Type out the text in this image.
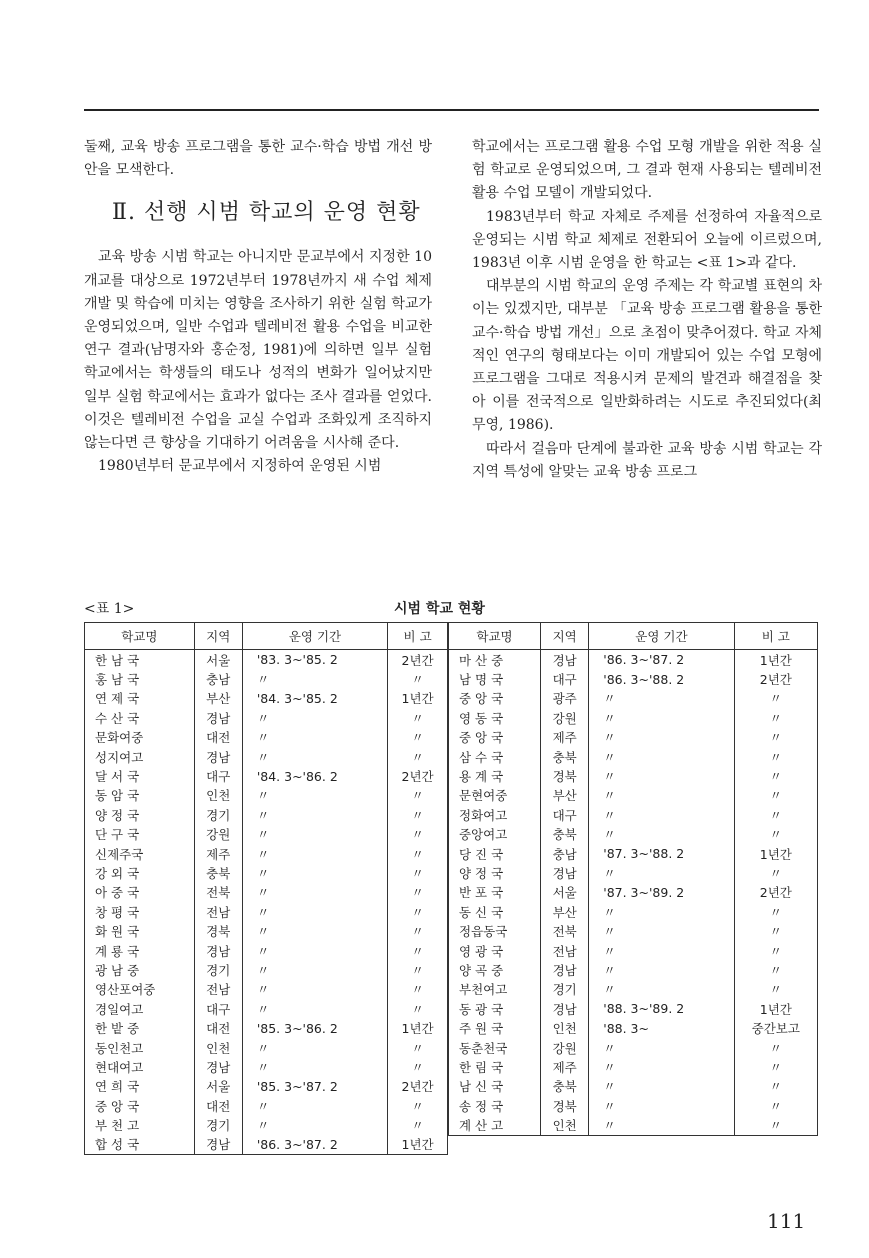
둘째, 교육 방송 프로그램을 통한 교수·학습 방법 개선 방안을 모색한다.

Ⅱ. 선행 시범 학교의 운영 현황

교육 방송 시범 학교는 아니지만 문교부에서 지정한 10개교를 대상으로 1972년부터 1978년까지 새 수업 체제 개발 및 학습에 미치는 영향을 조사하기 위한 실험 학교가 운영되었으며, 일반 수업과 텔레비전 활용 수업을 비교한 연구 결과(남명자와 홍순정, 1981)에 의하면 일부 실험 학교에서는 학생들의 태도나 성적의 변화가 일어났지만 일부 실험 학교에서는 효과가 없다는 조사 결과를 얻었다. 이것은 텔레비전 수업을 교실 수업과 조화있게 조직하지 않는다면 큰 향상을 기대하기 어려움을 시사해 준다.

1980년부터 문교부에서 지정하여 운영된 시범

학교에서는 프로그램 활용 수업 모형 개발을 위한 적용 실험 학교로 운영되었으며, 그 결과 현재 사용되는 텔레비전 활용 수업 모델이 개발되었다.

1983년부터 학교 자체로 주제를 선정하여 자율적으로 운영되는 시범 학교 체제로 전환되어 오늘에 이르렀으며, 1983년 이후 시범 운영을 한 학교는 <표 1>과 같다.

대부분의 시범 학교의 운영 주제는 각 학교별 표현의 차이는 있겠지만, 대부분 「교육 방송 프로그램 활용을 통한 교수·학습 방법 개선」으로 초점이 맞추어졌다. 학교 자체적인 연구의 형태보다는 이미 개발되어 있는 수업 모형에 프로그램을 그대로 적용시켜 문제의 발견과 해결점을 찾아 이를 전국적으로 일반화하려는 시도로 추진되었다(최무영, 1986).

따라서 걸음마 단계에 불과한 교육 방송 시범 학교는 각 지역 특성에 알맞는 교육 방송 프로그

<표 1>	시범 학교 현황
학교명	지역	운영 기간	비 고
한 남 국	서울	'83. 3~'85. 2	2년간
홍 남 국	충남	〃	〃
연 제 국	부산	'84. 3~'85. 2	1년간
수 산 국	경남	〃	〃
문화여중	대전	〃	〃
성지여고	경남	〃	〃
달 서 국	대구	'84. 3~'86. 2	2년간
동 암 국	인천	〃	〃
양 정 국	경기	〃	〃
단 구 국	강원	〃	〃
신제주국	제주	〃	〃
강 외 국	충북	〃	〃
아 중 국	전북	〃	〃
창 평 국	전남	〃	〃
화 원 국	경북	〃	〃
계 룡 국	경남	〃	〃
광 남 중	경기	〃	〃
영산포여중	전남	〃	〃
경일여고	대구	〃	〃
한 밭 중	대전	'85. 3~'86. 2	1년간
동인천고	인천	〃	〃
현대여고	경남	〃	〃
연 희 국	서울	'85. 3~'87. 2	2년간
중 앙 국	대전	〃	〃
부 천 고	경기	〃	〃
합 성 국	경남	'86. 3~'87. 2	1년간
학교명	지역	운영 기간	비 고
마 산 중	경남	'86. 3~'87. 2	1년간
남 명 국	대구	'86. 3~'88. 2	2년간
중 앙 국	광주	〃	〃
영 동 국	강원	〃	〃
중 앙 국	제주	〃	〃
삼 수 국	충북	〃	〃
용 계 국	경북	〃	〃
문현여중	부산	〃	〃
정화여고	대구	〃	〃
중앙여고	충북	〃	〃
당 진 국	충남	'87. 3~'88. 2	1년간
양 정 국	경남	〃	〃
반 포 국	서울	'87. 3~'89. 2	2년간
동 신 국	부산	〃	〃
정읍동국	전북	〃	〃
영 광 국	전남	〃	〃
양 곡 중	경남	〃	〃
부천여고	경기	〃	〃
동 광 국	경남	'88. 3~'89. 2	1년간
주 원 국	인천	'88. 3~	중간보고
동춘천국	강원	〃	〃
한 림 국	제주	〃	〃
남 신 국	충북	〃	〃
송 정 국	경북	〃	〃
계 산 고	인천	〃	〃
111
